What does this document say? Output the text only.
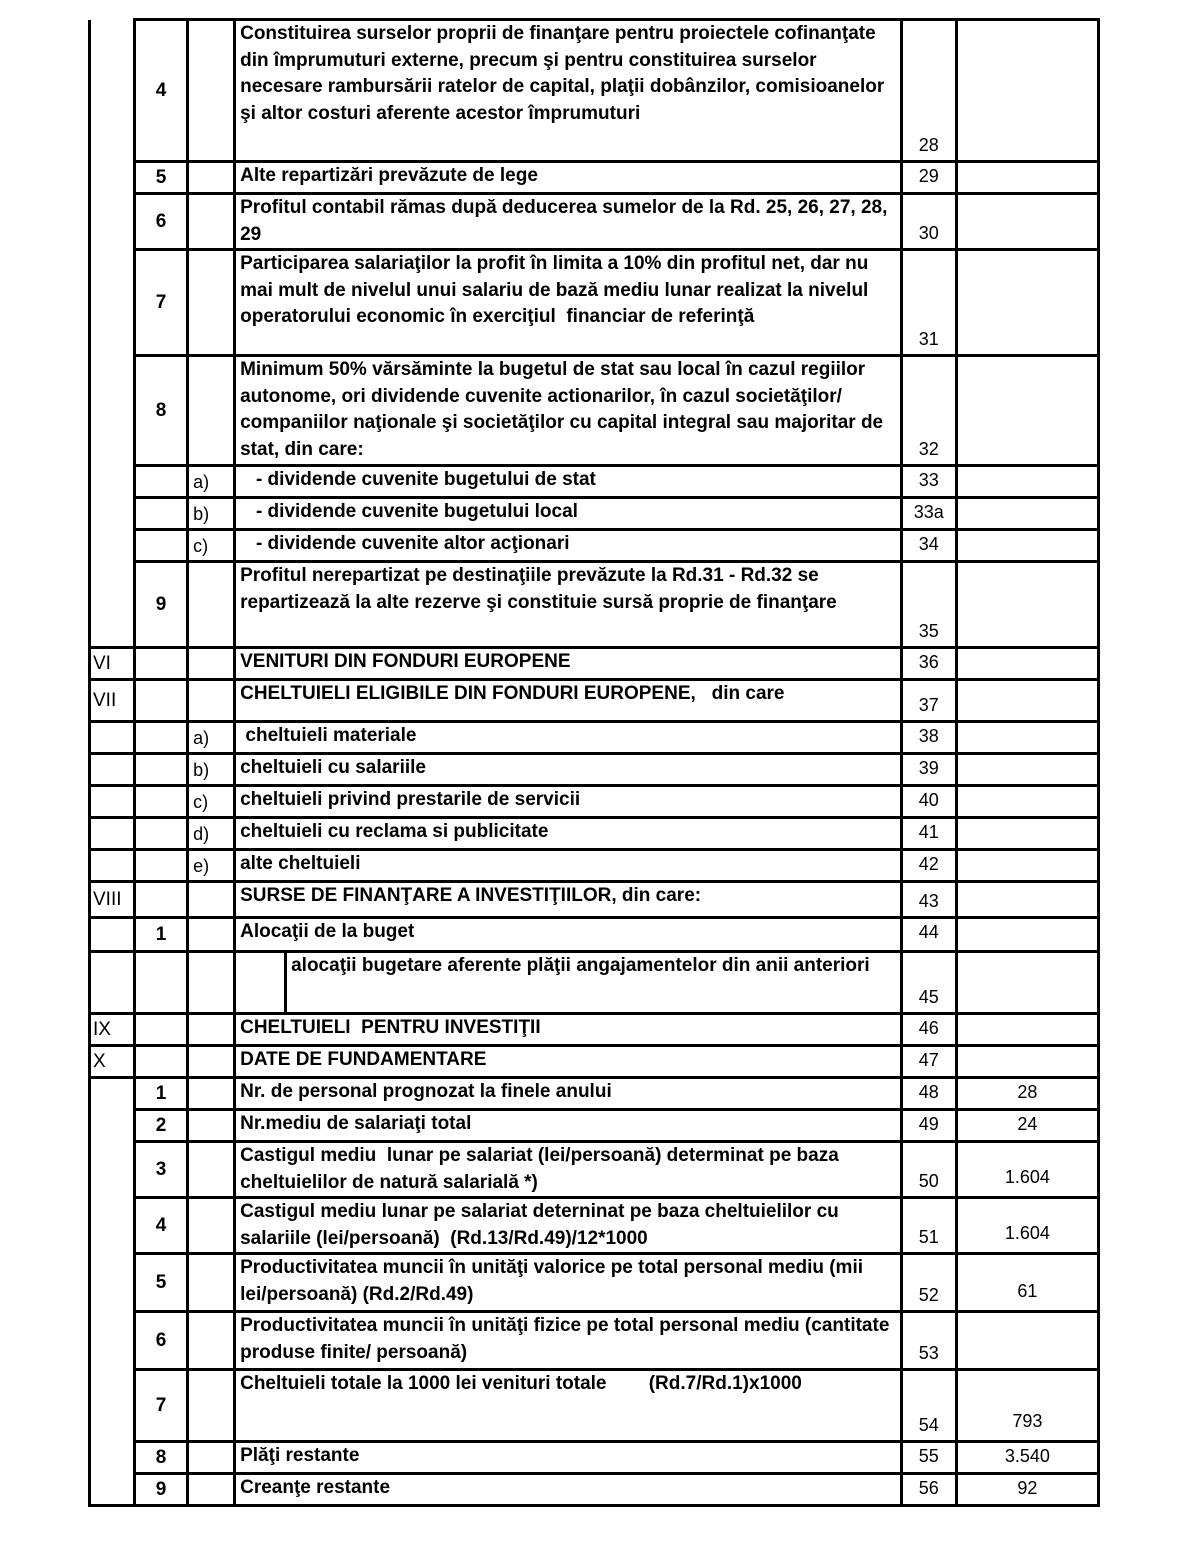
	4		Constituirea surselor proprii de finanţare pentru proiectele cofinanţate din împrumuturi externe, precum şi pentru constituirea surselor necesare rambursării ratelor de capital, plaţii dobânzilor, comisioanelor şi altor costuri aferente acestor împrumuturi	28	
	5		Alte repartizări prevăzute de lege	29	
	6		Profitul contabil rămas după deducerea sumelor de la Rd. 25, 26, 27, 28, 29	30	
	7		Participarea salariaţilor la profit în limita a 10% din profitul net, dar nu mai mult de nivelul unui salariu de bază mediu lunar realizat la nivelul operatorului economic în exerciţiul  financiar de referinţă	31	
	8		Minimum 50% vărsăminte la bugetul de stat sau local în cazul regiilor autonome, ori dividende cuvenite actionarilor, în cazul societăţilor/ companiilor naţionale şi societăţilor cu capital integral sau majoritar de stat, din care:	32	
		a)	- dividende cuvenite bugetului de stat	33	
		b)	- dividende cuvenite bugetului local	33a	
		c)	- dividende cuvenite altor acţionari	34	
	9		Profitul nerepartizat pe destinaţiile prevăzute la Rd.31 - Rd.32 se repartizează la alte rezerve şi constituie sursă proprie de finanţare	35	
VI			VENITURI DIN FONDURI EUROPENE	36	
VII			CHELTUIELI ELIGIBILE DIN FONDURI EUROPENE,   din care	37	
		a)	cheltuieli materiale	38	
		b)	cheltuieli cu salariile	39	
		c)	cheltuieli privind prestarile de servicii	40	
		d)	cheltuieli cu reclama si publicitate	41	
		e)	alte cheltuieli	42	
VIII			SURSE DE FINANŢARE A INVESTIŢIILOR, din care:	43	
	1		Alocaţii de la buget	44	

			alocaţii bugetare aferente plăţii angajamentelor din anii anteriori	45	
IX			CHELTUIELI  PENTRU INVESTIŢII	46	
X			DATE DE FUNDAMENTARE	47	
	1		Nr. de personal prognozat la finele anului	48	28
	2		Nr.mediu de salariaţi total	49	24
	3		Castigul mediu  lunar pe salariat (lei/persoană) determinat pe baza cheltuielilor de natură salarială *)	50	1.604
	4		Castigul mediu lunar pe salariat deterninat pe baza cheltuielilor cu salariile (lei/persoană)  (Rd.13/Rd.49)/12*1000	51	1.604
	5		Productivitatea muncii în unităţi valorice pe total personal mediu (mii lei/persoană) (Rd.2/Rd.49)	52	61
	6		Productivitatea muncii în unităţi fizice pe total personal mediu (cantitate produse finite/ persoană)	53	
	7		Cheltuieli totale la 1000 lei venituri totale        (Rd.7/Rd.1)x1000	54	793
	8		Plăţi restante	55	3.540
	9		Creanţe restante	56	92
